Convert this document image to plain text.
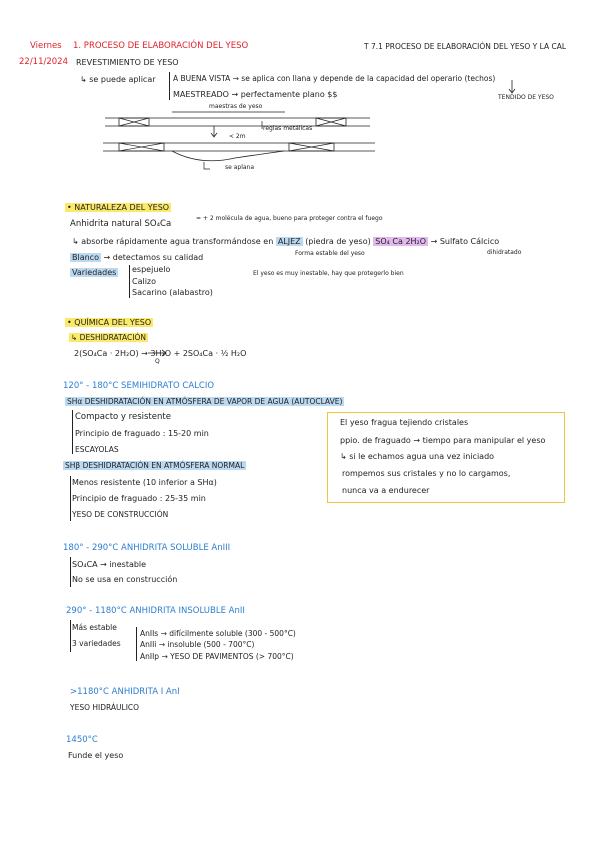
Viernes
22/11/2024
1. PROCESO DE ELABORACIÓN DEL YESO	T 7.1 PROCESO DE ELABORACIÓN DEL YESO Y LA CAL
REVESTIMIENTO DE YESO
↳ se puede aplicar A BUENA VISTA → se aplica con llana y depende de la capacidad del operario (techos)
MAESTREADO → perfectamente plano $$	TENDIDO DE YESO
maestras de yeso
reglas metálicas
< 2m
se aplana
• NATURALEZA DEL YESO
Anhidrita natural SO₄Ca
= + 2 molécula de agua, bueno para proteger contra el fuego
↳ absorbe rápidamente agua transformándose en ALJEZ (piedra de yeso) SO₄ Ca 2H₂O → Sulfato Cálcico
dihidratado
Forma estable del yeso
Blanco → detectamos su calidad
Variedades espejuelo
Calizo
Sacarino (alabastro)
El yeso es muy inestable, hay que protegerlo bien
• QUÍMICA DEL YESO
↳ DESHIDRATACIÓN
2(SO₄Ca · 2H₂O) → 3H₂O + 2SO₄Ca · ½ H₂O
Q
120° - 180°C SEMIHIDRATO CALCIO
SHα DESHIDRATACIÓN EN ATMÓSFERA DE VAPOR DE AGUA (AUTOCLAVE)
Compacto y resistente
Principio de fraguado : 15-20 min
ESCAYOLAS
SHβ DESHIDRATACIÓN EN ATMÓSFERA NORMAL
Menos resistente (10 inferior a SHα)
Principio de fraguado : 25-35 min
YESO DE CONSTRUCCIÓN
El yeso fragua tejiendo cristales
ppio. de fraguado → tiempo para manipular el yeso
↳ si le echamos agua una vez iniciado
rompemos sus cristales y no lo cargamos,
nunca va a endurecer
180° - 290°C ANHIDRITA SOLUBLE AnIII
SO₄CA → inestable
No se usa en construcción
290° - 1180°C ANHIDRITA INSOLUBLE AnII
Más estable
3 variedades
AnIIs → difícilmente soluble (300 - 500°C)
AnIIi → insoluble (500 - 700°C)
AnIIp → YESO DE PAVIMENTOS (> 700°C)
>1180°C ANHIDRITA I AnI
YESO HIDRÁULICO
1450°C
Funde el yeso
